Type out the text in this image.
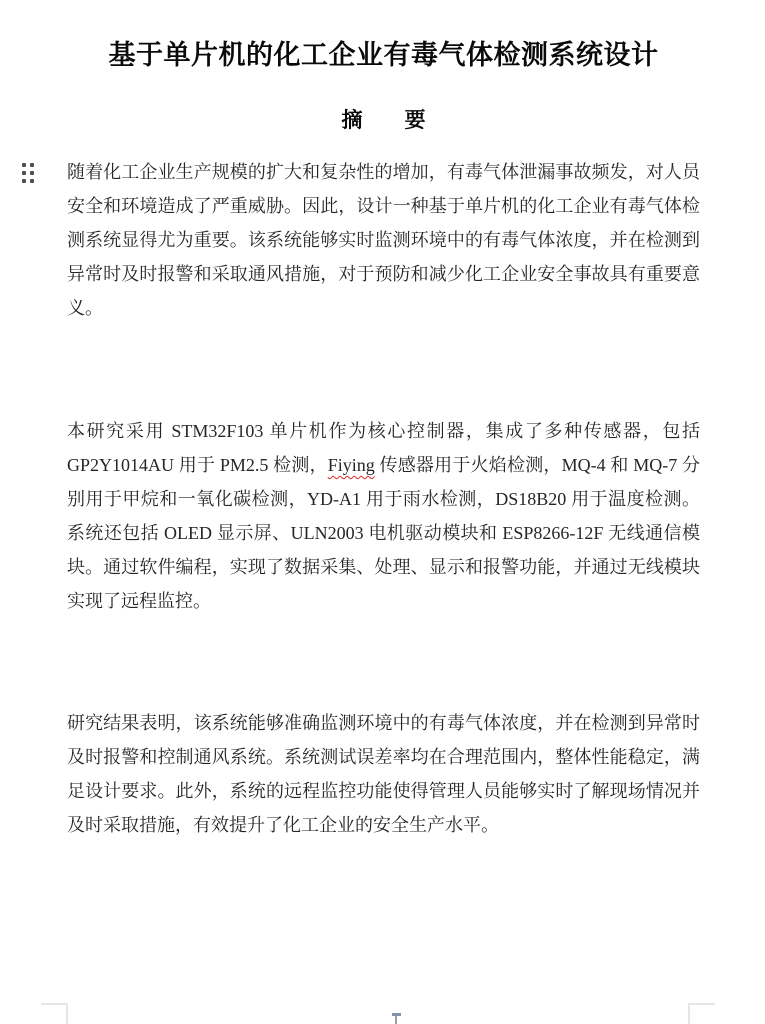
基于单片机的化工企业有毒气体检测系统设计
摘　　要

随着化工企业生产规模的扩大和复杂性的增加，有毒气体泄漏事故频发，对人员安全和环境造成了严重威胁。因此，设计一种基于单片机的化工企业有毒气体检测系统显得尤为重要。该系统能够实时监测环境中的有毒气体浓度，并在检测到异常时及时报警和采取通风措施，对于预防和减少化工企业安全事故具有重要意义。

本研究采用 STM32F103 单片机作为核心控制器，集成了多种传感器，包括 GP2Y1014AU 用于 PM2.5 检测，Fiying 传感器用于火焰检测，MQ-4 和 MQ-7 分别用于甲烷和一氧化碳检测，YD-A1 用于雨水检测，DS18B20 用于温度检测。系统还包括 OLED 显示屏、ULN2003 电机驱动模块和 ESP8266-12F 无线通信模块。通过软件编程，实现了数据采集、处理、显示和报警功能，并通过无线模块实现了远程监控。

研究结果表明，该系统能够准确监测环境中的有毒气体浓度，并在检测到异常时及时报警和控制通风系统。系统测试误差率均在合理范围内，整体性能稳定，满足设计要求。此外，系统的远程监控功能使得管理人员能够实时了解现场情况并及时采取措施，有效提升了化工企业的安全生产水平。
